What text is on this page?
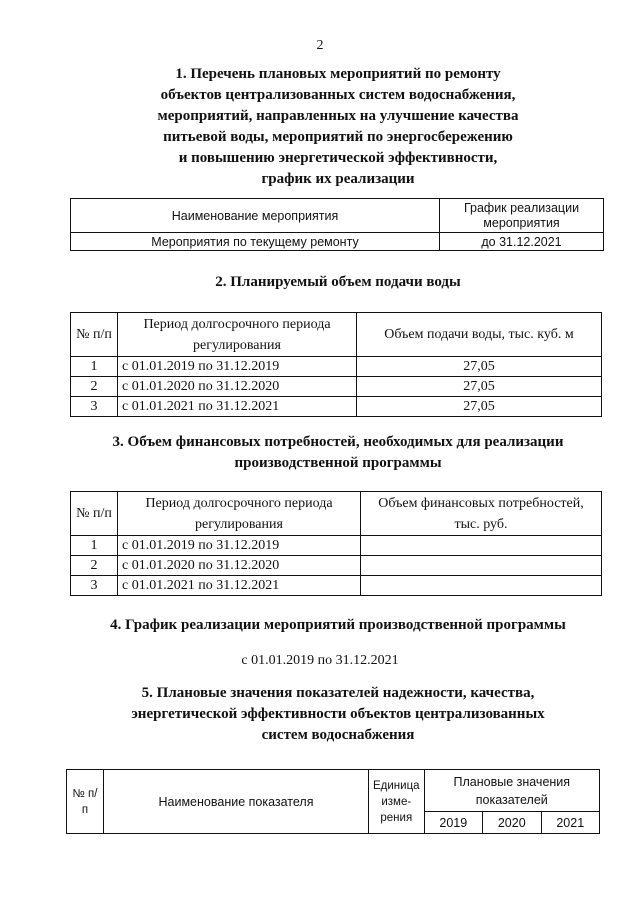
2
1. Перечень плановых мероприятий по ремонту
объектов централизованных систем водоснабжения,
мероприятий, направленных на улучшение качества
питьевой воды, мероприятий по энергосбережению
и повышению энергетической эффективности,
график их реализации
Наименование мероприятия	График реализации мероприятия
Мероприятия по текущему ремонту	до 31.12.2021
2. Планируемый объем подачи воды
№ п/п	Период долгосрочного периода регулирования	Объем подачи воды, тыс. куб. м
1	с 01.01.2019 по 31.12.2019	27,05
2	с 01.01.2020 по 31.12.2020	27,05
3	с 01.01.2021 по 31.12.2021	27,05
3. Объем финансовых потребностей, необходимых для реализации
производственной программы
№ п/п	Период долгосрочного периода регулирования	Объем финансовых потребностей, тыс. руб.
1	с 01.01.2019 по 31.12.2019	
2	с 01.01.2020 по 31.12.2020	
3	с 01.01.2021 по 31.12.2021	
4. График реализации мероприятий производственной программы
с 01.01.2019 по 31.12.2021
5. Плановые значения показателей надежности, качества,
энергетической эффективности объектов централизованных
систем водоснабжения
№ п/п	Наименование показателя	Единица изме-рения	Плановые значения показателей		
			2019	2020	2021
